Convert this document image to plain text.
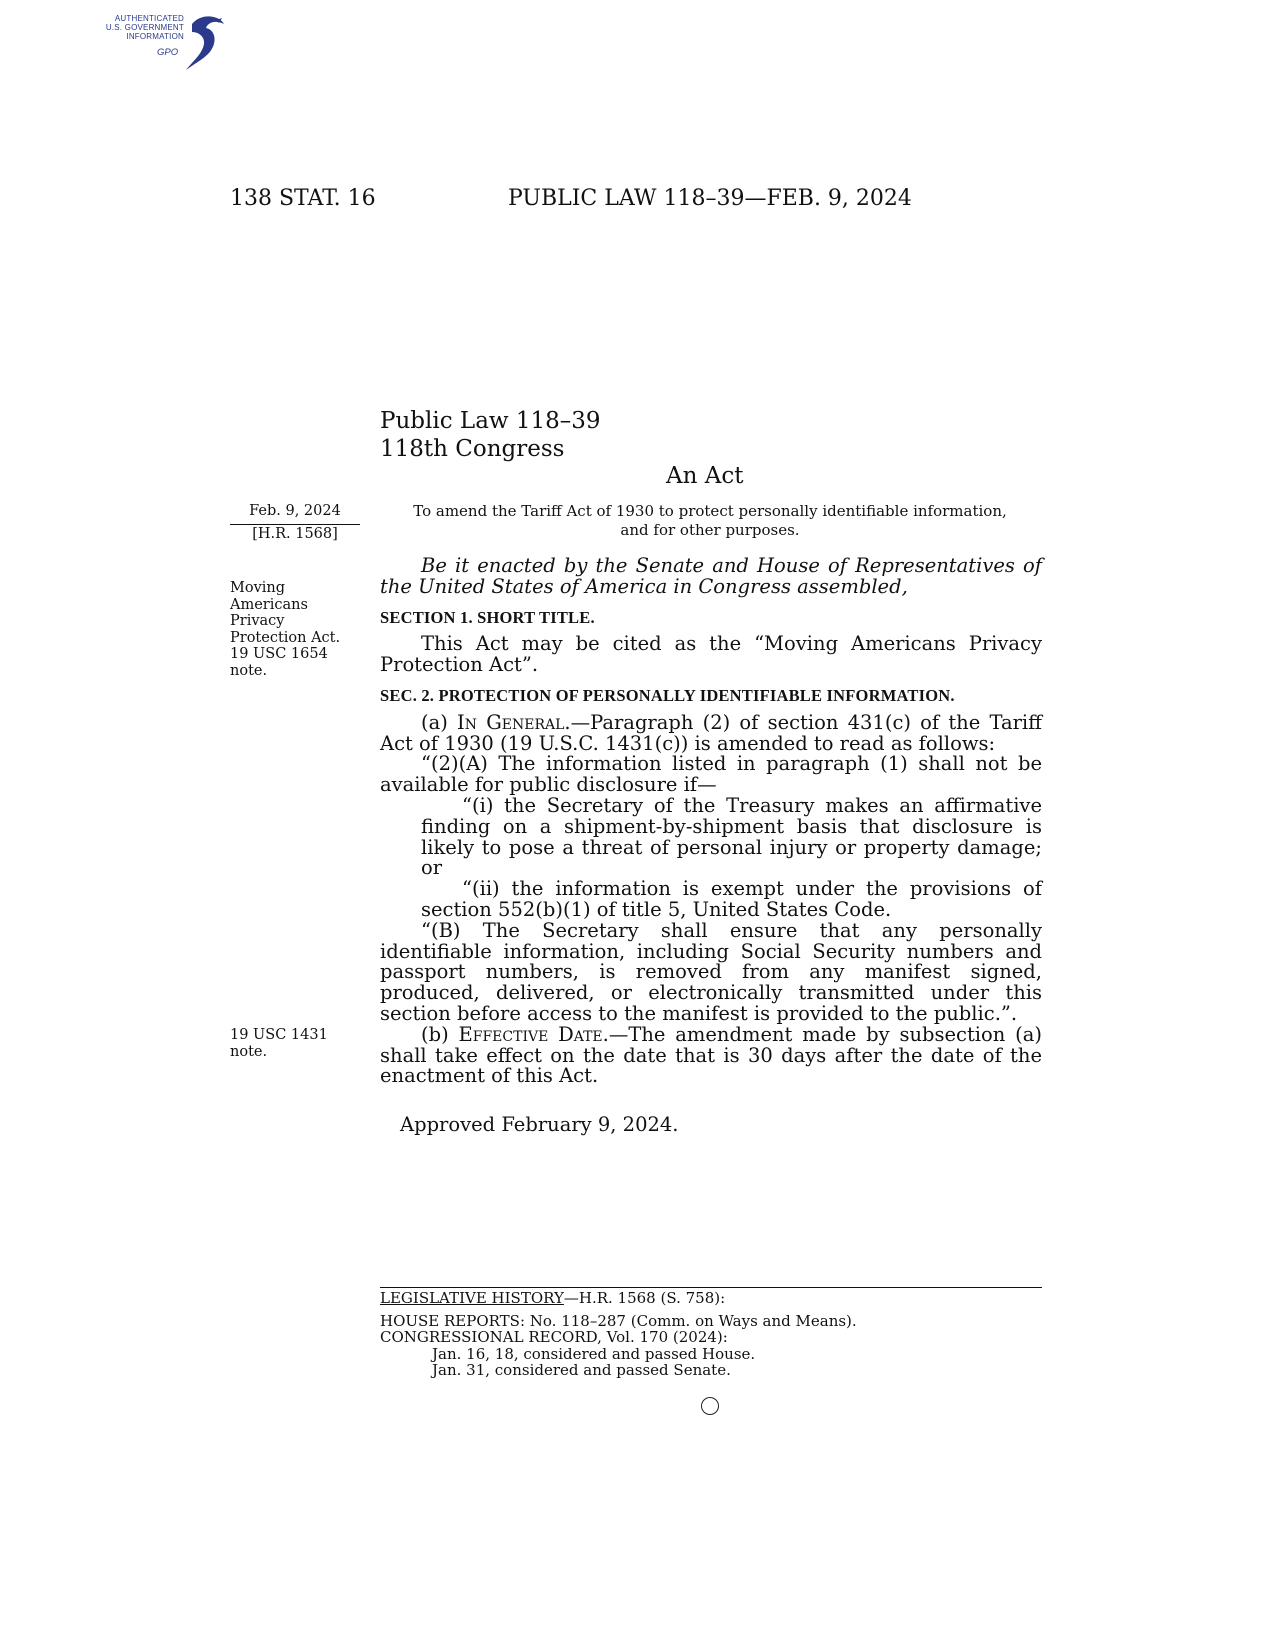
AUTHENTICATED
U.S. GOVERNMENT
INFORMATION
GPO
138 STAT. 16	PUBLIC LAW 118–39—FEB. 9, 2024
Public Law 118–39
118th Congress
An Act
Feb. 9, 2024
[H.R. 1568]
Moving
Americans
Privacy
Protection Act.
19 USC 1654
note.
19 USC 1431
note.
To amend the Tariff Act of 1930 to protect personally identifiable information,
and for other purposes.

Be it enacted by the Senate and House of Representatives of the United States of America in Congress assembled,

SECTION 1. SHORT TITLE.

This Act may be cited as the “Moving Americans Privacy Protection Act”.

SEC. 2. PROTECTION OF PERSONALLY IDENTIFIABLE INFORMATION.

(a) In General.—Paragraph (2) of section 431(c) of the Tariff Act of 1930 (19 U.S.C. 1431(c)) is amended to read as follows:

“(2)(A) The information listed in paragraph (1) shall not be available for public disclosure if—

“(i) the Secretary of the Treasury makes an affirmative finding on a shipment-by-shipment basis that disclosure is likely to pose a threat of personal injury or property damage; or

“(ii) the information is exempt under the provisions of section 552(b)(1) of title 5, United States Code.

“(B) The Secretary shall ensure that any personally identifiable information, including Social Security numbers and passport numbers, is removed from any manifest signed, produced, delivered, or electronically transmitted under this section before access to the manifest is provided to the public.”.

(b) Effective Date.—The amendment made by subsection (a) shall take effect on the date that is 30 days after the date of the enactment of this Act.

Approved February 9, 2024.
LEGISLATIVE HISTORY—H.R. 1568 (S. 758):
HOUSE REPORTS: No. 118–287 (Comm. on Ways and Means).
CONGRESSIONAL RECORD, Vol. 170 (2024):
Jan. 16, 18, considered and passed House.
Jan. 31, considered and passed Senate.
